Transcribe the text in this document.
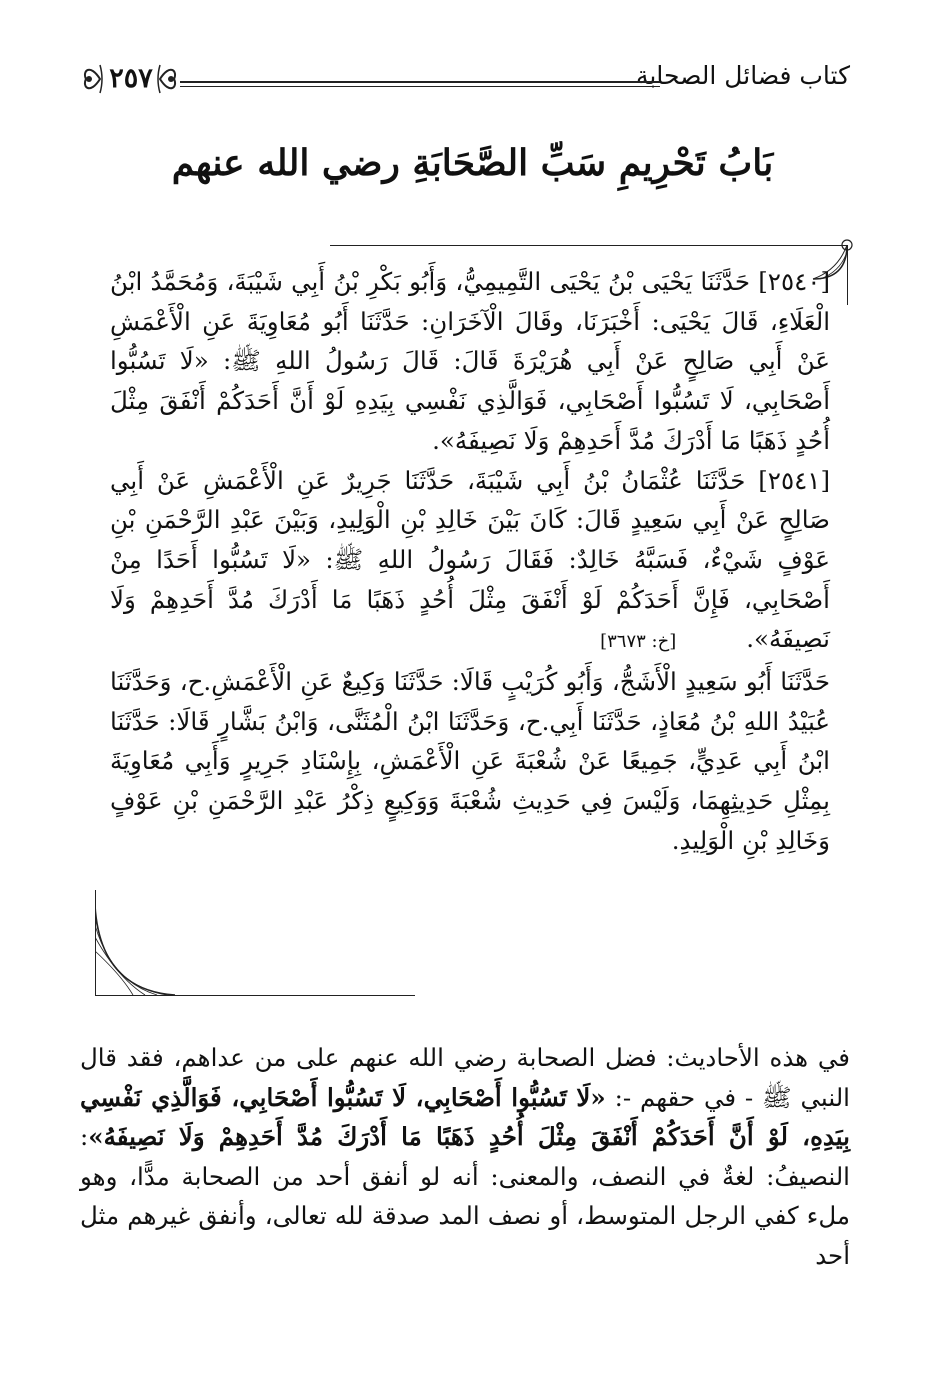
كتاب فضائل الصحابة
٢٥٧
بَابُ تَحْرِيمِ سَبِّ الصَّحَابَةِ رضي الله عنهم

[٢٥٤٠] حَدَّثَنَا يَحْيَى بْنُ يَحْيَى التَّمِيمِيُّ، وَأَبُو بَكْرِ بْنُ أَبِي شَيْبَةَ، وَمُحَمَّدُ ابْنُ الْعَلَاءِ، قَالَ يَحْيَى: أَخْبَرَنَا، وقَالَ الْآخَرَانِ: حَدَّثَنَا أَبُو مُعَاوِيَةَ عَنِ الْأَعْمَشِ عَنْ أَبِي صَالِحٍ عَنْ أَبِي هُرَيْرَةَ قَالَ: قَالَ رَسُولُ اللهِ ﷺ: «لَا تَسُبُّوا أَصْحَابِي، لَا تَسُبُّوا أَصْحَابِي، فَوَالَّذِي نَفْسِي بِيَدِهِ لَوْ أَنَّ أَحَدَكُمْ أَنْفَقَ مِثْلَ أُحُدٍ ذَهَبًا مَا أَدْرَكَ مُدَّ أَحَدِهِمْ وَلَا نَصِيفَهُ».

[٢٥٤١] حَدَّثَنَا عُثْمَانُ بْنُ أَبِي شَيْبَةَ، حَدَّثَنَا جَرِيرٌ عَنِ الْأَعْمَشِ عَنْ أَبِي صَالِحٍ عَنْ أَبِي سَعِيدٍ قَالَ: كَانَ بَيْنَ خَالِدِ بْنِ الْوَلِيدِ، وَبَيْنَ عَبْدِ الرَّحْمَنِ بْنِ عَوْفٍ شَيْءٌ، فَسَبَّهُ خَالِدٌ: فَقَالَ رَسُولُ اللهِ ﷺ: «لَا تَسُبُّوا أَحَدًا مِنْ أَصْحَابِي، فَإِنَّ أَحَدَكُمْ لَوْ أَنْفَقَ مِثْلَ أُحُدٍ ذَهَبًا مَا أَدْرَكَ مُدَّ أَحَدِهِمْ وَلَا نَصِيفَهُ».[خ: ٣٦٧٣]

حَدَّثَنَا أَبُو سَعِيدٍ الْأَشَجُّ، وَأَبُو كُرَيْبٍ قَالَا: حَدَّثَنَا وَكِيعٌ عَنِ الْأَعْمَشِ.ح، وَحَدَّثَنَا عُبَيْدُ اللهِ بْنُ مُعَاذٍ، حَدَّثَنَا أَبِي.ح، وَحَدَّثَنَا ابْنُ الْمُثَنَّى، وَابْنُ بَشَّارٍ قَالَا: حَدَّثَنَا ابْنُ أَبِي عَدِيٍّ، جَمِيعًا عَنْ شُعْبَةَ عَنِ الْأَعْمَشِ، بِإِسْنَادِ جَرِيرٍ وَأَبِي مُعَاوِيَةَ بِمِثْلِ حَدِيثِهِمَا، وَلَيْسَ فِي حَدِيثِ شُعْبَةَ وَوَكِيعٍ ذِكْرُ عَبْدِ الرَّحْمَنِ بْنِ عَوْفٍ وَخَالِدِ بْنِ الْوَلِيدِ.

في هذه الأحاديث: فضل الصحابة رضي الله عنهم على من عداهم، فقد قال النبي ﷺ - في حقهم -: «لَا تَسُبُّوا أَصْحَابِي، لَا تَسُبُّوا أَصْحَابِي، فَوَالَّذِي نَفْسِي بِيَدِهِ، لَوْ أَنَّ أَحَدَكُمْ أَنْفَقَ مِثْلَ أُحُدٍ ذَهَبًا مَا أَدْرَكَ مُدَّ أَحَدِهِمْ وَلَا نَصِيفَهُ»: النصيفُ: لغةٌ في النصف، والمعنى: أنه لو أنفق أحد من الصحابة مدًّا، وهو ملء كفي الرجل المتوسط، أو نصف المد صدقة لله تعالى، وأنفق غيرهم مثل أحد
